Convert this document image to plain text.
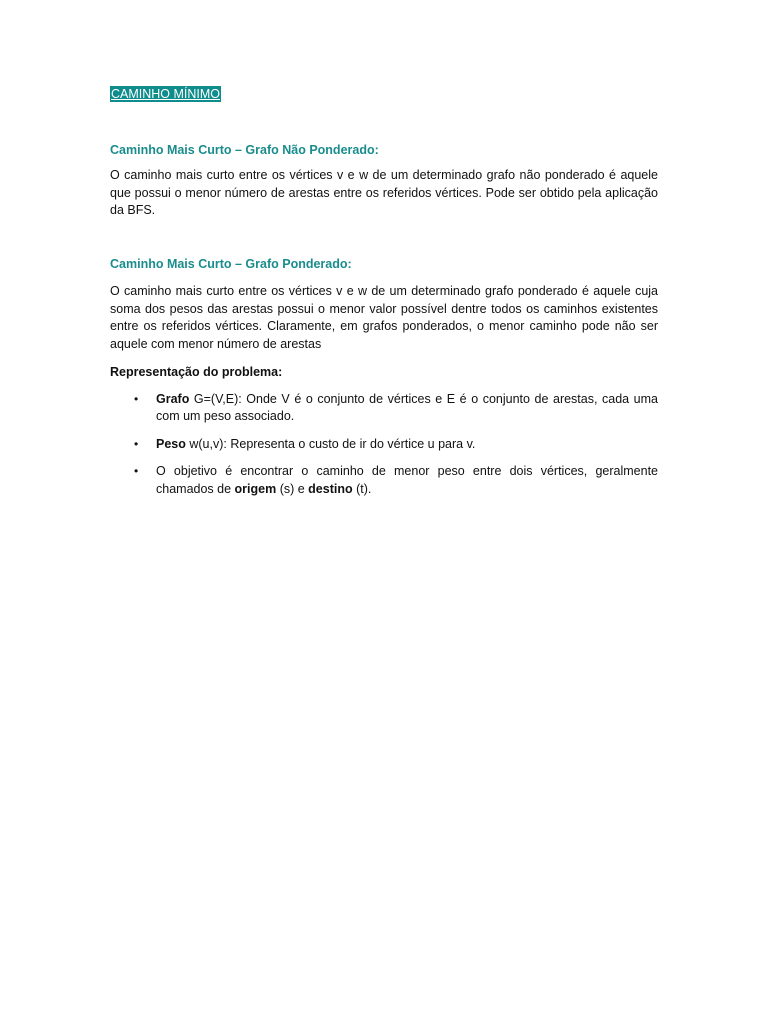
CAMINHO MÍNIMO
Caminho Mais Curto – Grafo Não Ponderado:

O caminho mais curto entre os vértices v e w de um determinado grafo não ponderado é aquele que possui o menor número de arestas entre os referidos vértices. Pode ser obtido pela aplicação da BFS.

Caminho Mais Curto – Grafo Ponderado:

O caminho mais curto entre os vértices v e w de um determinado grafo ponderado é aquele cuja soma dos pesos das arestas possui o menor valor possível dentre todos os caminhos existentes entre os referidos vértices. Claramente, em grafos ponderados, o menor caminho pode não ser aquele com menor número de arestas

Representação do problema:

• Grafo G=(V,E): Onde V é o conjunto de vértices e E é o conjunto de arestas, cada uma com um peso associado.
• Peso w(u,v): Representa o custo de ir do vértice u para v.
• O objetivo é encontrar o caminho de menor peso entre dois vértices, geralmente chamados de origem (s) e destino (t).
